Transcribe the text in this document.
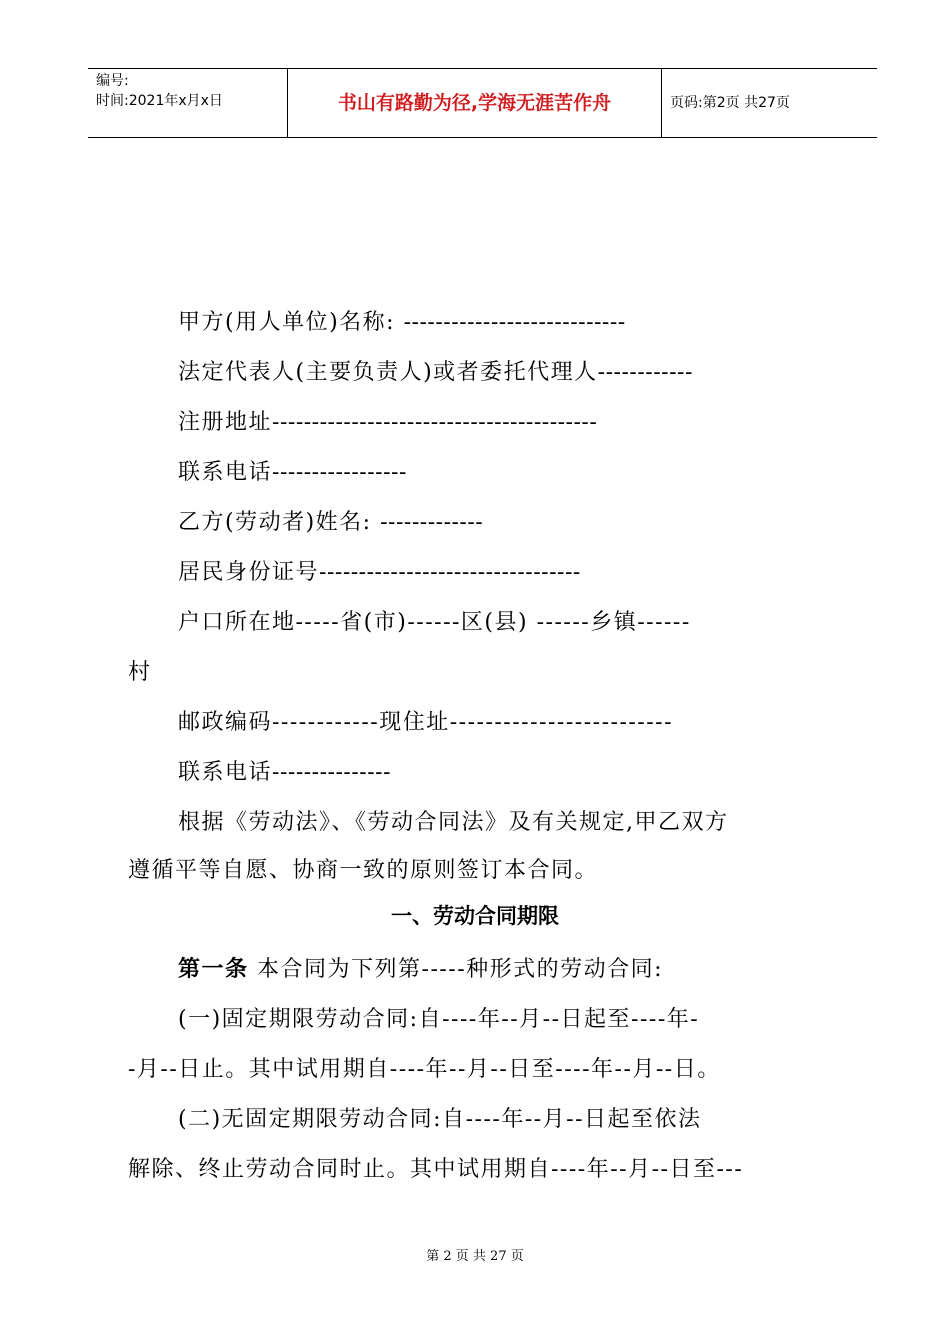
编号:
时间:2021年x月x日	书山有路勤为径,学海无涯苦作舟	页码:第2页 共27页
甲方(用人单位)名称: ----------------------------
法定代表人(主要负责人)或者委托代理人------------
注册地址-----------------------------------------
联系电话-----------------
乙方(劳动者)姓名: -------------
居民身份证号---------------------------------
户口所在地-----省(市)------区(县) ------乡镇------
村
邮政编码------------现住址-------------------------
联系电话---------------
根据《劳动法》、《劳动合同法》及有关规定,甲乙双方
遵循平等自愿、协商一致的原则签订本合同。
一、劳动合同期限
第一条 本合同为下列第-----种形式的劳动合同:
(一)固定期限劳动合同:自----年--月--日起至----年-
-月--日止。其中试用期自----年--月--日至----年--月--日。
(二)无固定期限劳动合同:自----年--月--日起至依法
解除、终止劳动合同时止。其中试用期自----年--月--日至---
第 2 页 共 27 页
